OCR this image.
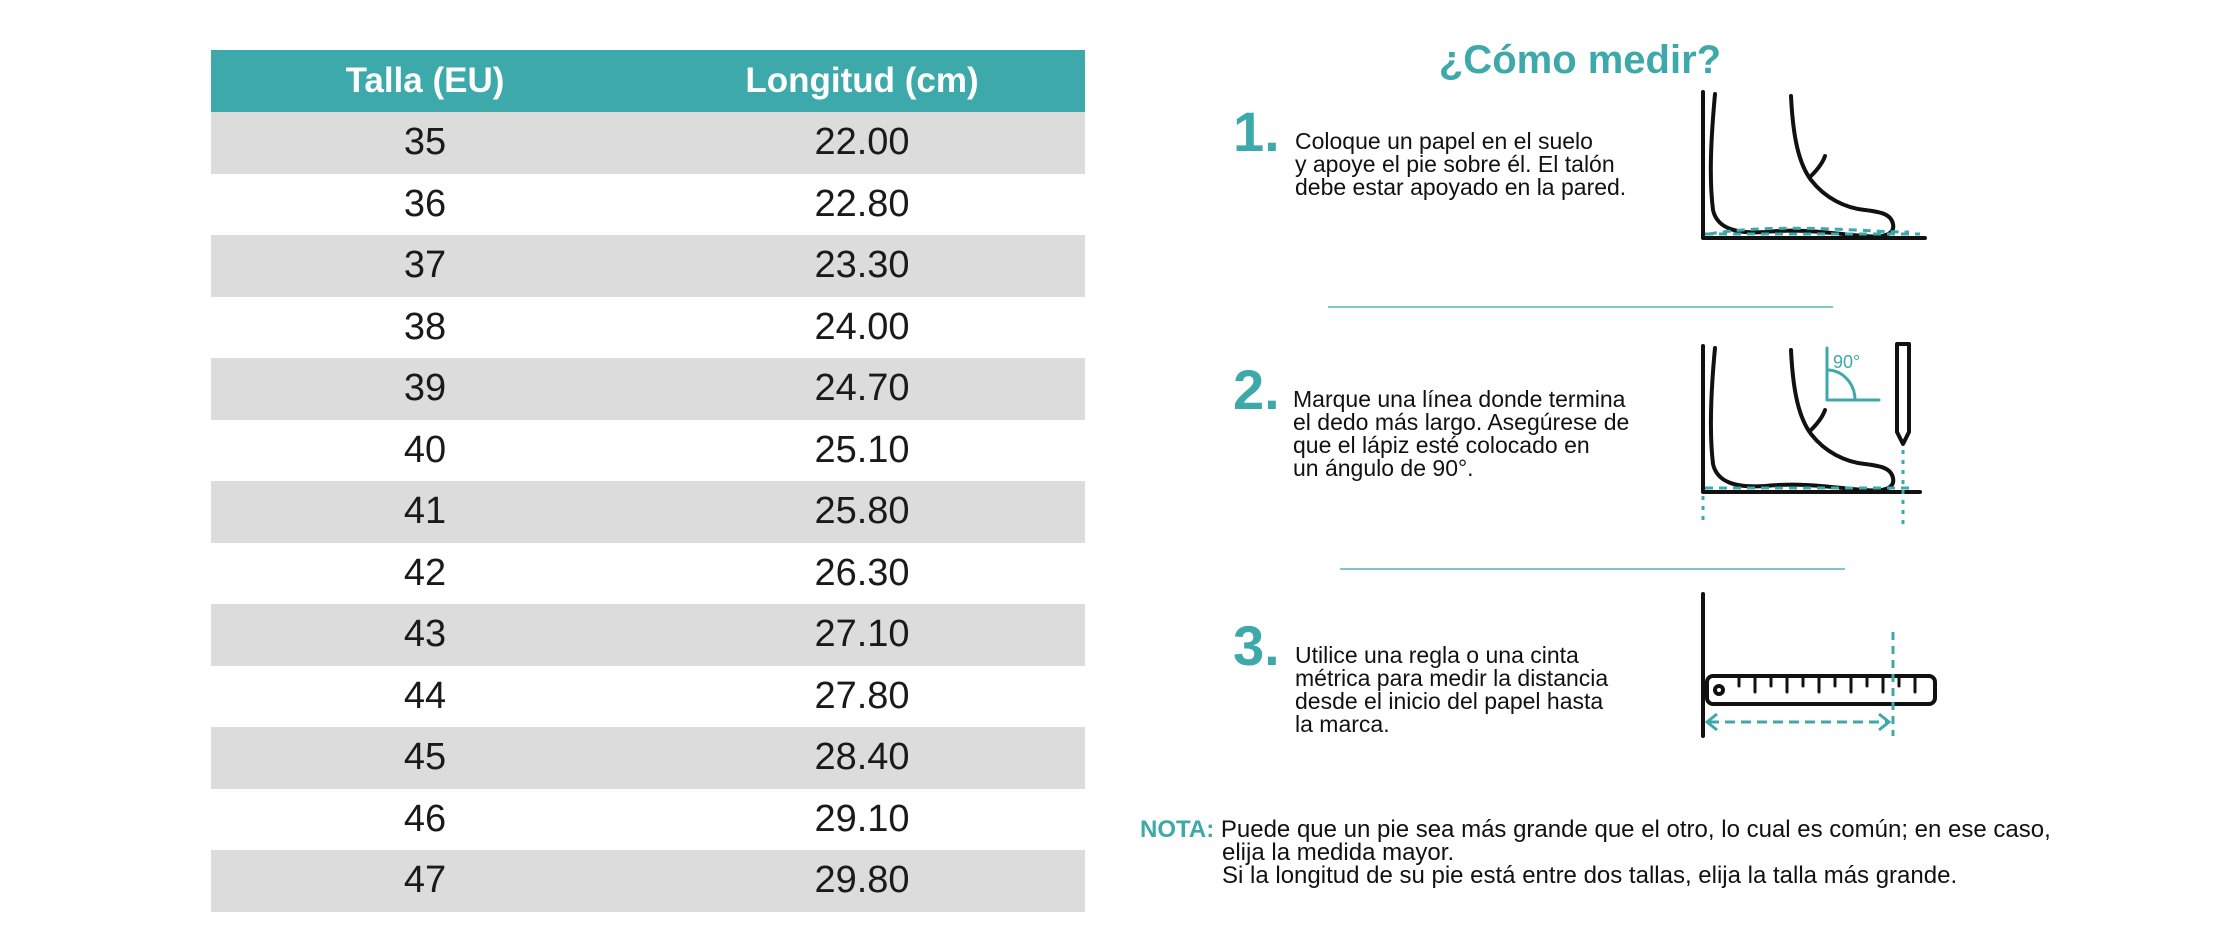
Talla (EU)	Longitud (cm)
35	22.00
36	22.80
37	23.30
38	24.00
39	24.70
40	25.10
41	25.80
42	26.30
43	27.10
44	27.80
45	28.40
46	29.10
47	29.80
¿Cómo medir?
1. Coloque un papel en el suelo
y apoye el pie sobre él. El talón
debe estar apoyado en la pared.
2. Marque una línea donde termina
el dedo más largo. Asegúrese de
que el lápiz esté colocado en
un ángulo de 90°.
90°
3. Utilice una regla o una cinta
métrica para medir la distancia
desde el inicio del papel hasta
la marca.
NOTA: Puede que un pie sea más grande que el otro, lo cual es común; en ese caso,
elija la medida mayor.
Si la longitud de su pie está entre dos tallas, elija la talla más grande.
